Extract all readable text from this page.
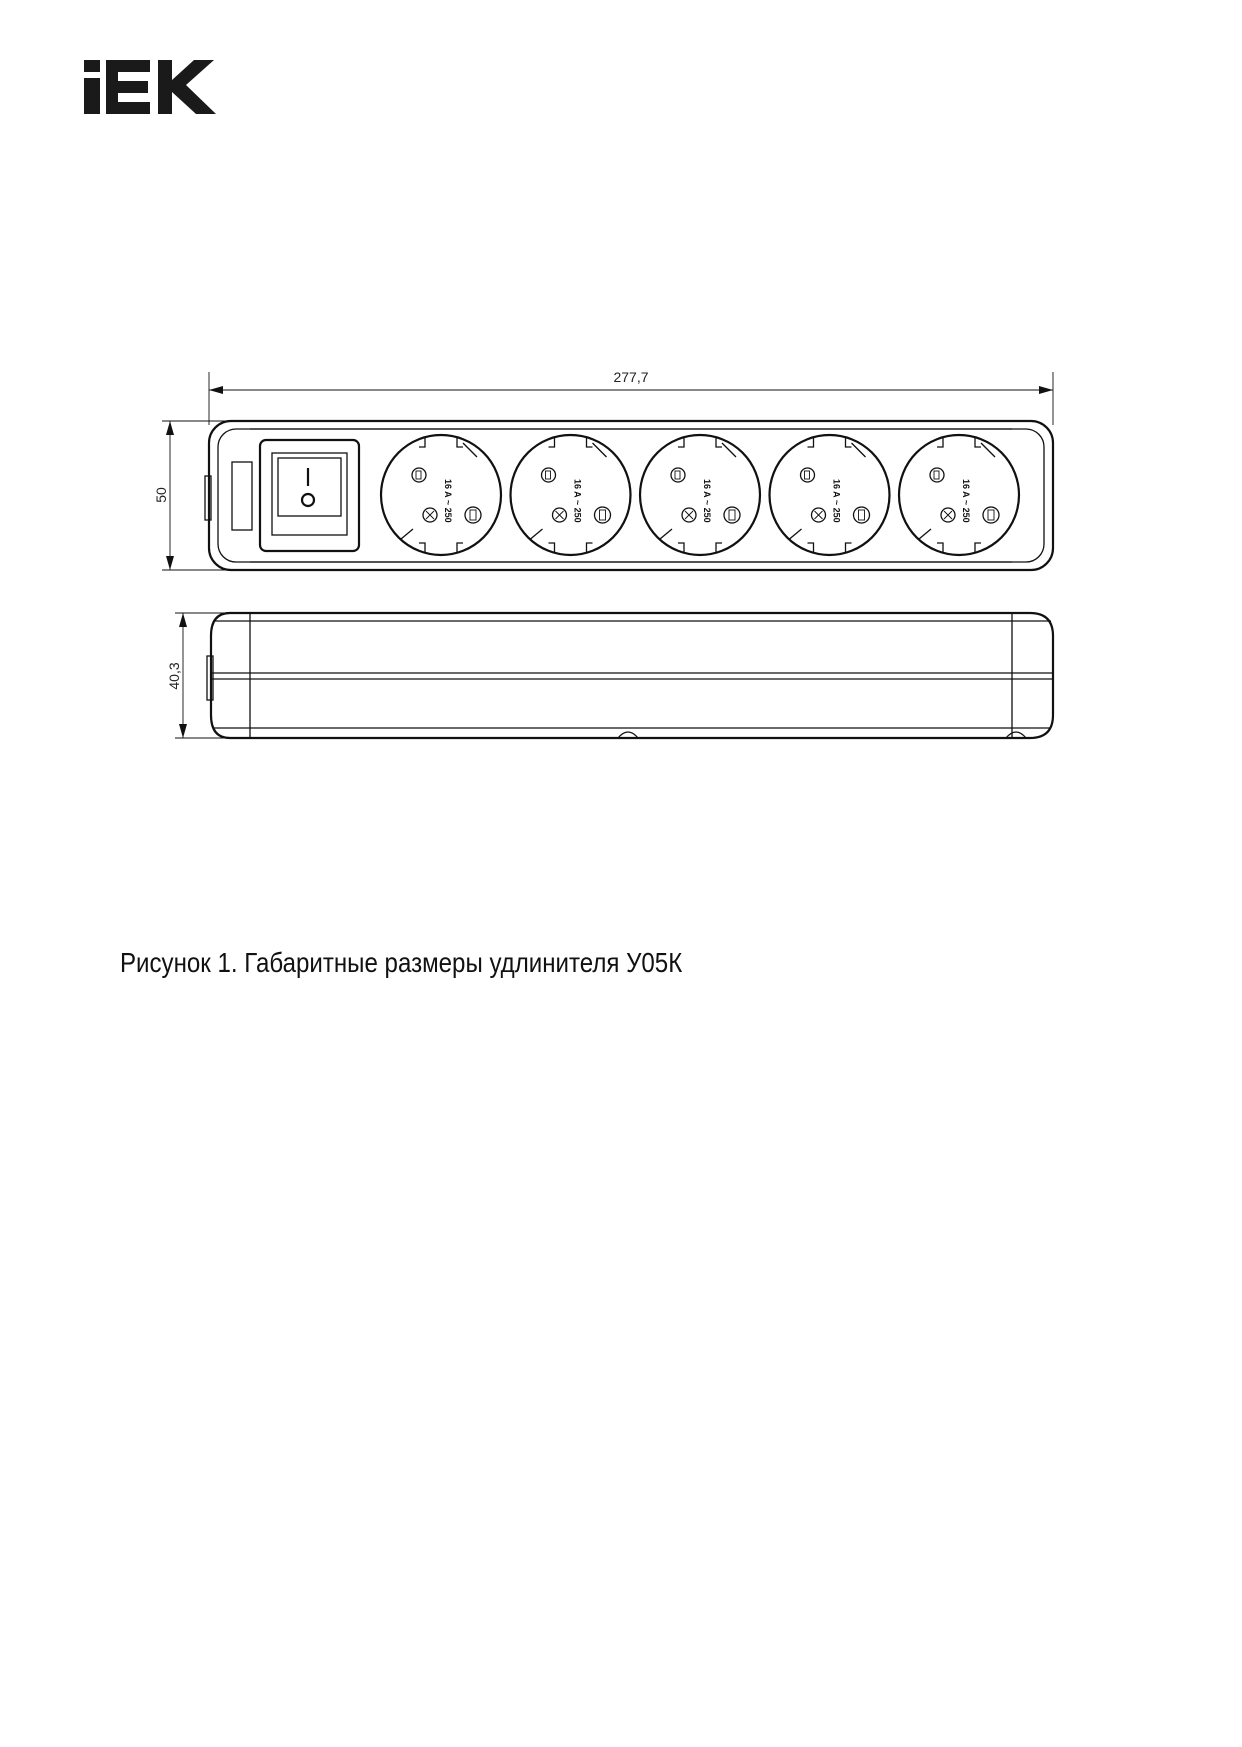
277,7
50	16 A ~ 250	16 A ~ 250	16 A ~ 250	16 A ~ 250	16 A ~ 250
40,3
Рисунок 1. Габаритные размеры удлинителя У05К
